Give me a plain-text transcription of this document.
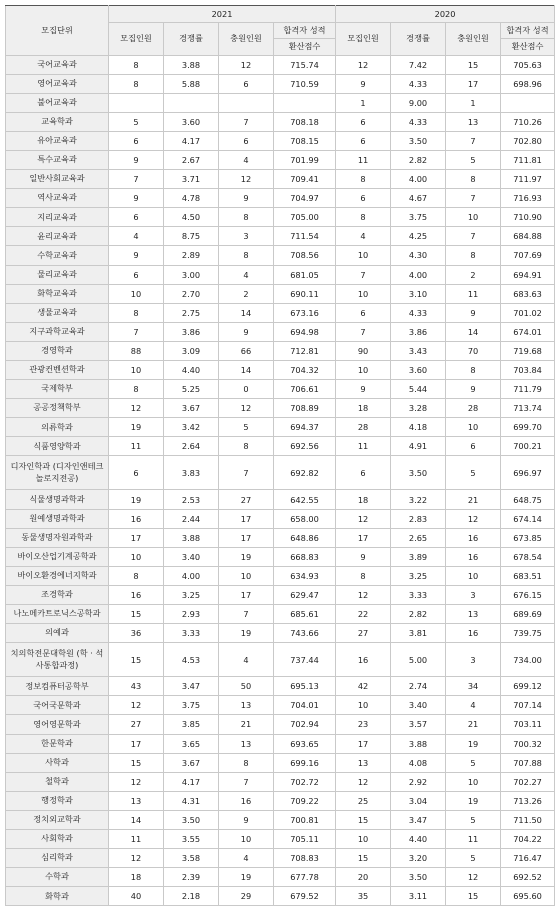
모집단위	2021				2020			
	모집인원	경쟁률	충원인원	합격자 성적	모집인원	경쟁률	충원인원	합격자 성적
				환산점수				환산점수
국어교육과	8	3.88	12	715.74	12	7.42	15	705.63
영어교육과	8	5.88	6	710.59	9	4.33	17	698.96
불어교육과					1	9.00	1	
교육학과	5	3.60	7	708.18	6	4.33	13	710.26
유아교육과	6	4.17	6	708.15	6	3.50	7	702.80
특수교육과	9	2.67	4	701.99	11	2.82	5	711.81
일반사회교육과	7	3.71	12	709.41	8	4.00	8	711.97
역사교육과	9	4.78	9	704.97	6	4.67	7	716.93
지리교육과	6	4.50	8	705.00	8	3.75	10	710.90
윤리교육과	4	8.75	3	711.54	4	4.25	7	684.88
수학교육과	9	2.89	8	708.56	10	4.30	8	707.69
물리교육과	6	3.00	4	681.05	7	4.00	2	694.91
화학교육과	10	2.70	2	690.11	10	3.10	11	683.63
생물교육과	8	2.75	14	673.16	6	4.33	9	701.02
지구과학교육과	7	3.86	9	694.98	7	3.86	14	674.01
경영학과	88	3.09	66	712.81	90	3.43	70	719.68
관광컨벤션학과	10	4.40	14	704.32	10	3.60	8	703.84
국제학부	8	5.25	0	706.61	9	5.44	9	711.79
공공정책학부	12	3.67	12	708.89	18	3.28	28	713.74
의류학과	19	3.42	5	694.37	28	4.18	10	699.70
식품영양학과	11	2.64	8	692.56	11	4.91	6	700.21
디자인학과 (디자인앤테크놀로지전공)	6	3.83	7	692.82	6	3.50	5	696.97
식물생명과학과	19	2.53	27	642.55	18	3.22	21	648.75
원예생명과학과	16	2.44	17	658.00	12	2.83	12	674.14
동물생명자원과학과	17	3.88	17	648.86	17	2.65	16	673.85
바이오산업기계공학과	10	3.40	19	668.83	9	3.89	16	678.54
바이오환경에너지학과	8	4.00	10	634.93	8	3.25	10	683.51
조경학과	16	3.25	17	629.47	12	3.33	3	676.15
나노메카트로닉스공학과	15	2.93	7	685.61	22	2.82	13	689.69
의예과	36	3.33	19	743.66	27	3.81	16	739.75
치의학전문대학원 (학 · 석사통합과정)	15	4.53	4	737.44	16	5.00	3	734.00
정보컴퓨터공학부	43	3.47	50	695.13	42	2.74	34	699.12
국어국문학과	12	3.75	13	704.01	10	3.40	4	707.14
영어영문학과	27	3.85	21	702.94	23	3.57	21	703.11
한문학과	17	3.65	13	693.65	17	3.88	19	700.32
사학과	15	3.67	8	699.16	13	4.08	5	707.88
철학과	12	4.17	7	702.72	12	2.92	10	702.27
행정학과	13	4.31	16	709.22	25	3.04	19	713.26
정치외교학과	14	3.50	9	700.81	15	3.47	5	711.50
사회학과	11	3.55	10	705.11	10	4.40	11	704.22
심리학과	12	3.58	4	708.83	15	3.20	5	716.47
수학과	18	2.39	19	677.78	20	3.50	12	692.52
화학과	40	2.18	29	679.52	35	3.11	15	695.60
